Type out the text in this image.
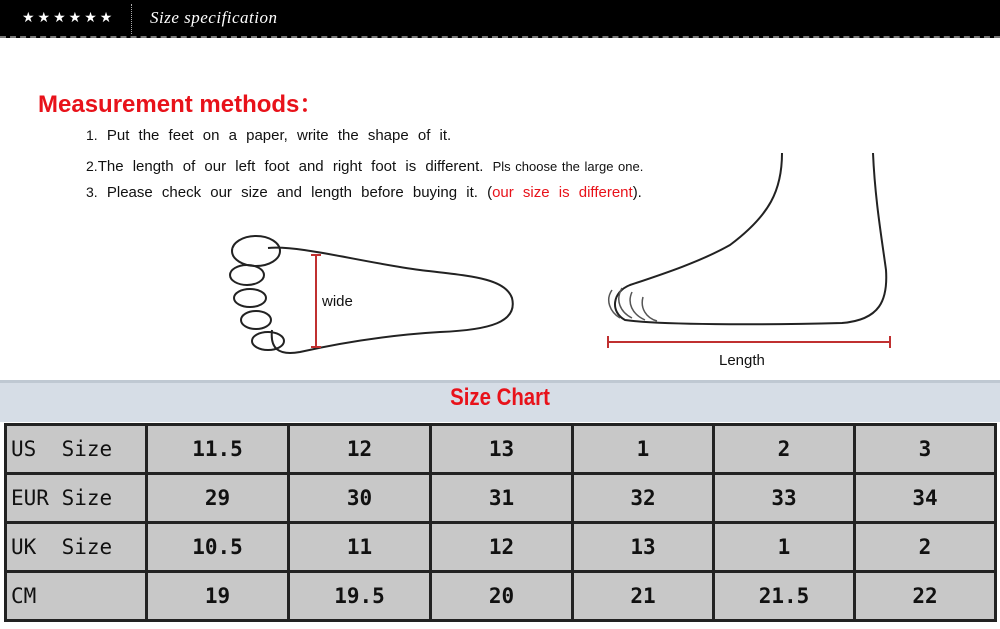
★★★★★★ Size specification
Measurement methods：
1. Put the feet on a paper, write the shape of it.
2.The length of our left foot and right foot is different. Pls choose the large one.
3. Please check our size and length before buying it. (our size is different).
wide
Length
Size Chart
US  Size	11.5	12	13	1	2	3
EUR Size	29	30	31	32	33	34
UK  Size	10.5	11	12	13	1	2
CM	19	19.5	20	21	21.5	22
